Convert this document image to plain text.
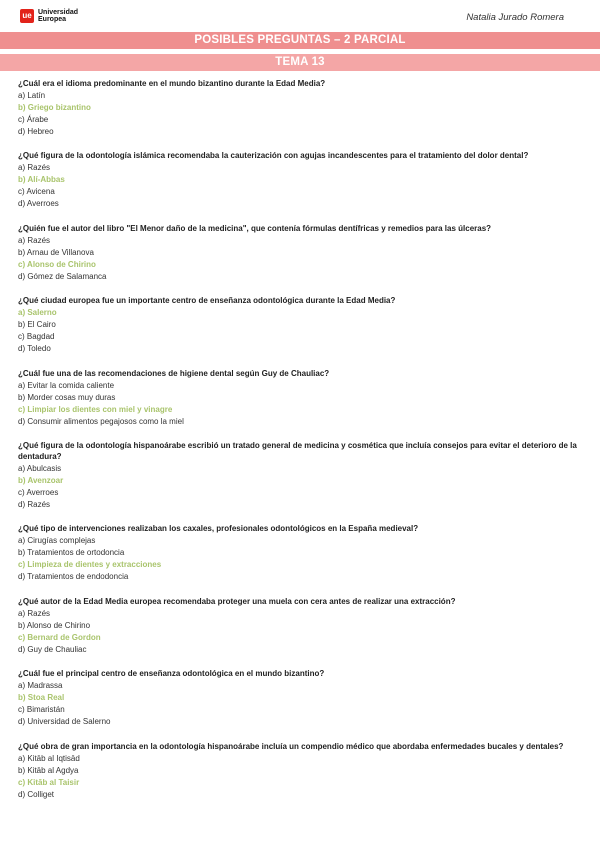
ue Universidad
Europea	Natalia Jurado Romera
POSIBLES PREGUNTAS – 2 PARCIAL
TEMA 13
¿Cuál era el idioma predominante en el mundo bizantino durante la Edad Media?
a) Latín
b) Griego bizantino
c) Árabe
d) Hebreo
¿Qué figura de la odontología islámica recomendaba la cauterización con agujas incandescentes para el tratamiento del dolor dental?
a) Razés
b) Alí-Abbas
c) Avicena
d) Averroes
¿Quién fue el autor del libro "El Menor daño de la medicina", que contenía fórmulas dentífricas y remedios para las úlceras?
a) Razés
b) Arnau de Villanova
c) Alonso de Chirino
d) Gómez de Salamanca
¿Qué ciudad europea fue un importante centro de enseñanza odontológica durante la Edad Media?
a) Salerno
b) El Cairo
c) Bagdad
d) Toledo
¿Cuál fue una de las recomendaciones de higiene dental según Guy de Chauliac?
a) Evitar la comida caliente
b) Morder cosas muy duras
c) Limpiar los dientes con miel y vinagre
d) Consumir alimentos pegajosos como la miel
¿Qué figura de la odontología hispanoárabe escribió un tratado general de medicina y cosmética que incluía consejos para evitar el deterioro de la dentadura?
a) Abulcasis
b) Avenzoar
c) Averroes
d) Razés
¿Qué tipo de intervenciones realizaban los caxales, profesionales odontológicos en la España medieval?
a) Cirugías complejas
b) Tratamientos de ortodoncia
c) Limpieza de dientes y extracciones
d) Tratamientos de endodoncia
¿Qué autor de la Edad Media europea recomendaba proteger una muela con cera antes de realizar una extracción?
a) Razés
b) Alonso de Chirino
c) Bernard de Gordon
d) Guy de Chauliac
¿Cuál fue el principal centro de enseñanza odontológica en el mundo bizantino?
a) Madrassa
b) Stoa Real
c) Bimaristán
d) Universidad de Salerno
¿Qué obra de gran importancia en la odontología hispanoárabe incluía un compendio médico que abordaba enfermedades bucales y dentales?
a) Kitāb al Iqtisād
b) Kitāb al Agdya
c) Kitāb al Taisir
d) Colliget
